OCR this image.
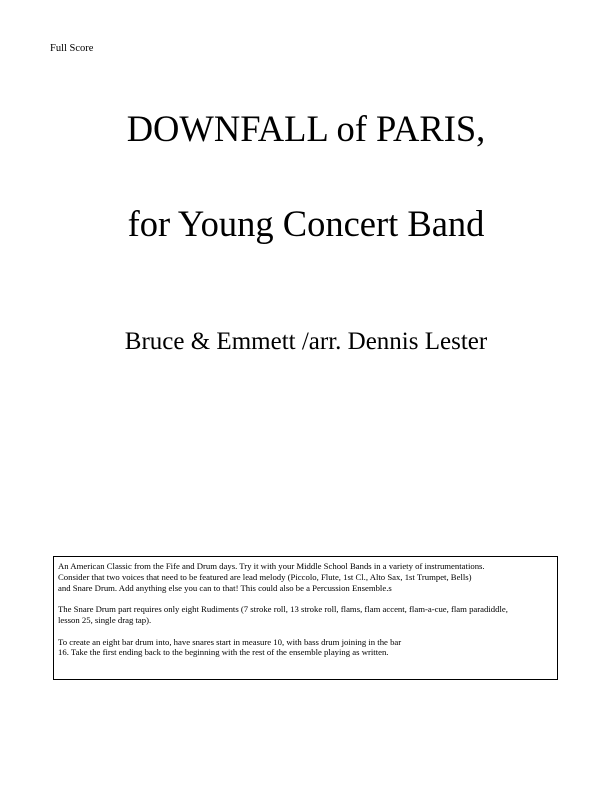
Full Score
DOWNFALL of PARIS,
for Young Concert Band
Bruce & Emmett /arr. Dennis Lester

An American Classic from the Fife and Drum days. Try it with your Middle School Bands in a variety of instrumentations.
Consider that two voices that need to be featured are lead melody (Piccolo, Flute, 1st Cl., Alto Sax, 1st Trumpet, Bells)
and Snare Drum. Add anything else you can to that! This could also be a Percussion Ensemble.s

The Snare Drum part requires only eight Rudiments (7 stroke roll, 13 stroke roll, flams, flam accent, flam-a-cue, flam paradiddle,
lesson 25, single drag tap).

To create an eight bar drum into, have snares start in measure 10, with bass drum joining in the bar
16. Take the first ending back to the beginning with the rest of the ensemble playing as written.
